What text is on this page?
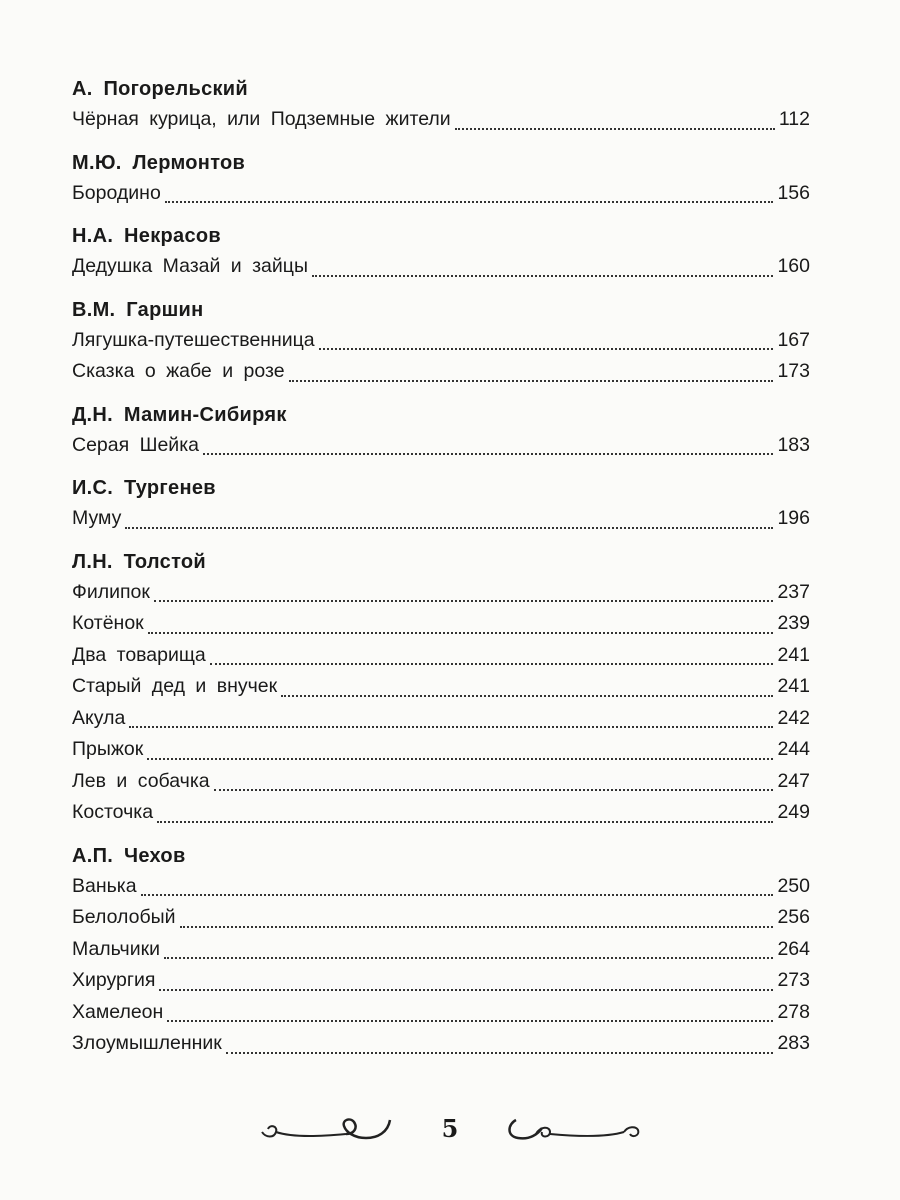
А. Погорельский
Чёрная курица, или Подземные жители	112
М.Ю. Лермонтов
Бородино	156
Н.А. Некрасов
Дедушка Мазай и зайцы	160
В.М. Гаршин
Лягушка-путешественница	167
Сказка о жабе и розе	173
Д.Н. Мамин-Сибиряк
Серая Шейка	183
И.С. Тургенев
Муму	196
Л.Н. Толстой
Филипок	237
Котёнок	239
Два товарища	241
Старый дед и внучек	241
Акула	242
Прыжок	244
Лев и собачка	247
Косточка	249
А.П. Чехов
Ванька	250
Белолобый	256
Мальчики	264
Хирургия	273
Хамелеон	278
Злоумышленник	283
5
